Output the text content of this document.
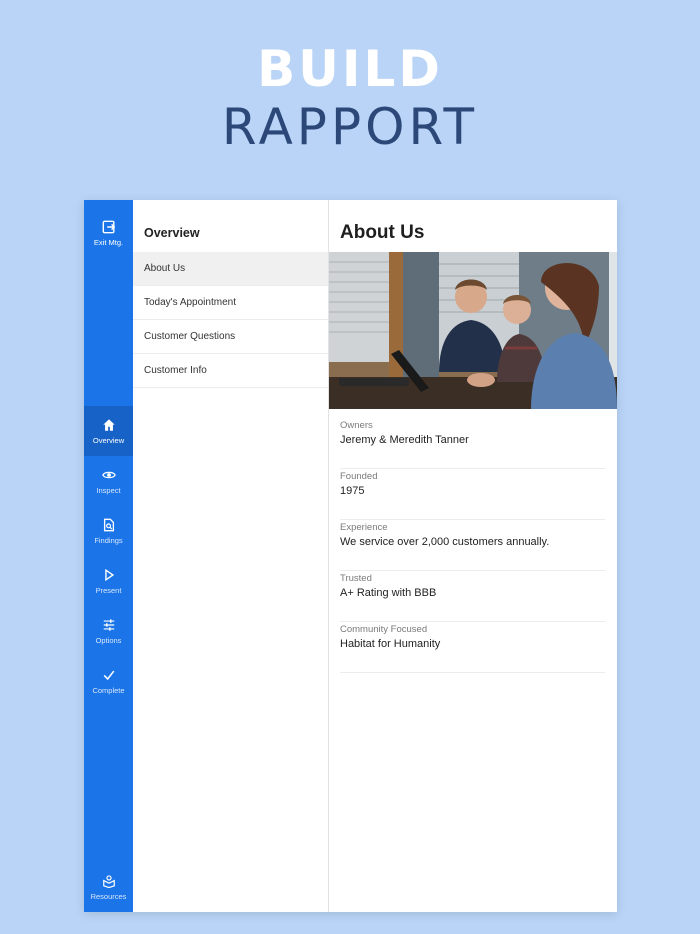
BUILD
RAPPORT
Exit Mtg.
Overview
Inspect
Findings
Present
Options
Complete
Resources
Overview
About Us
Today's Appointment
Customer Questions
Customer Info
About Us
Owners
Jeremy & Meredith Tanner
Founded
1975
Experience
We service over 2,000 customers annually.
Trusted
A+ Rating with BBB
Community Focused
Habitat for Humanity
